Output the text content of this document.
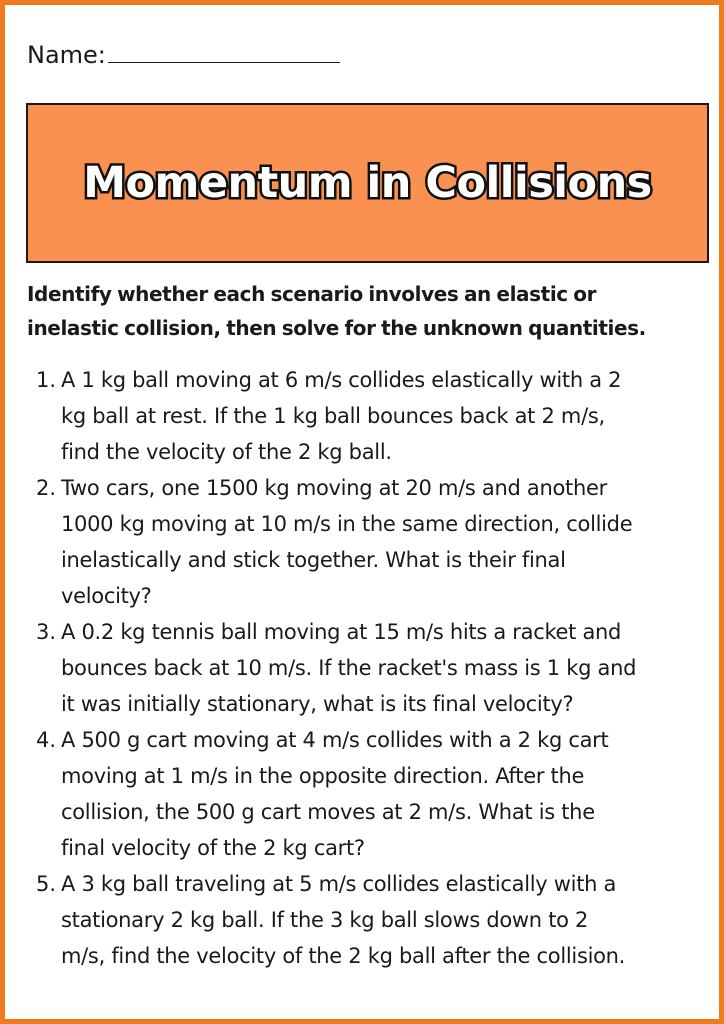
Name:
Momentum in Collisions
Identify whether each scenario involves an elastic or
inelastic collision, then solve for the unknown quantities.
1. A 1 kg ball moving at 6 m/s collides elastically with a 2
kg ball at rest. If the 1 kg ball bounces back at 2 m/s,
find the velocity of the 2 kg ball.
2. Two cars, one 1500 kg moving at 20 m/s and another
1000 kg moving at 10 m/s in the same direction, collide
inelastically and stick together. What is their final
velocity?
3. A 0.2 kg tennis ball moving at 15 m/s hits a racket and
bounces back at 10 m/s. If the racket's mass is 1 kg and
it was initially stationary, what is its final velocity?
4. A 500 g cart moving at 4 m/s collides with a 2 kg cart
moving at 1 m/s in the opposite direction. After the
collision, the 500 g cart moves at 2 m/s. What is the
final velocity of the 2 kg cart?
5. A 3 kg ball traveling at 5 m/s collides elastically with a
stationary 2 kg ball. If the 3 kg ball slows down to 2
m/s, find the velocity of the 2 kg ball after the collision.
